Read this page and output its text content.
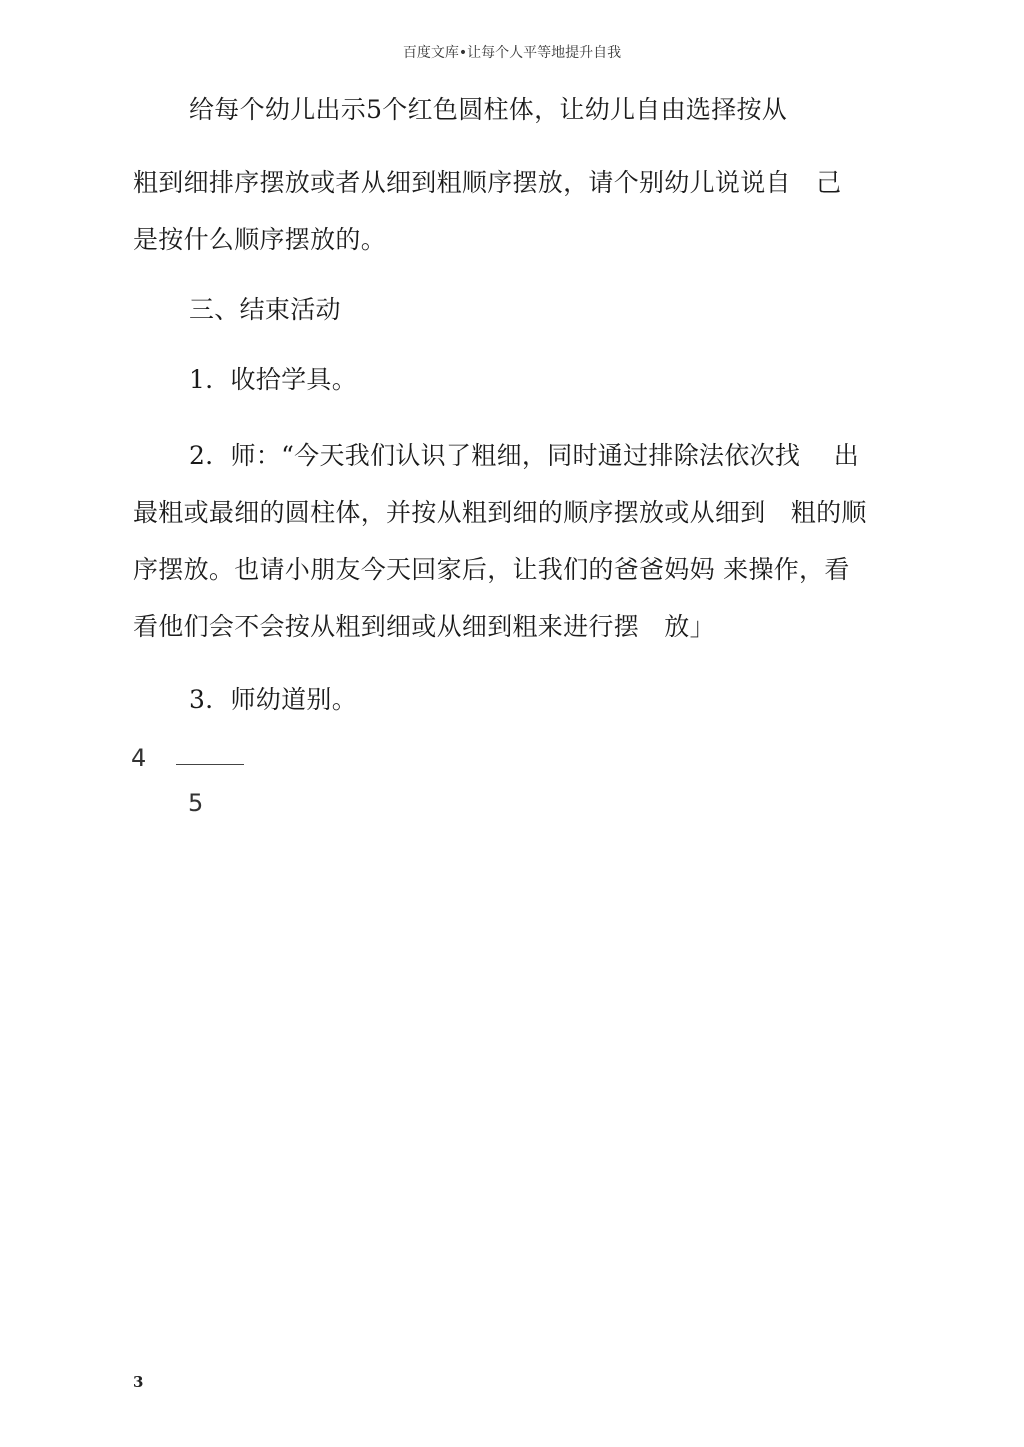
百度文库•让每个人平等地提升自我
给每个幼儿出示5个红色圆柱体，让幼儿自由选择按从
粗到细排序摆放或者从细到粗顺序摆放，请个别幼儿说说自　己
是按什么顺序摆放的。
三、结束活动
1．收拾学具。
2．师：“今天我们认识了粗细，同时通过排除法依次找　 出
最粗或最细的圆柱体，并按从粗到细的顺序摆放或从细到　粗的顺
序摆放。也请小朋友今天回家后，让我们的爸爸妈妈 来操作，看
看他们会不会按从粗到细或从细到粗来进行摆　放」
3．师幼道别。
4
5
3
